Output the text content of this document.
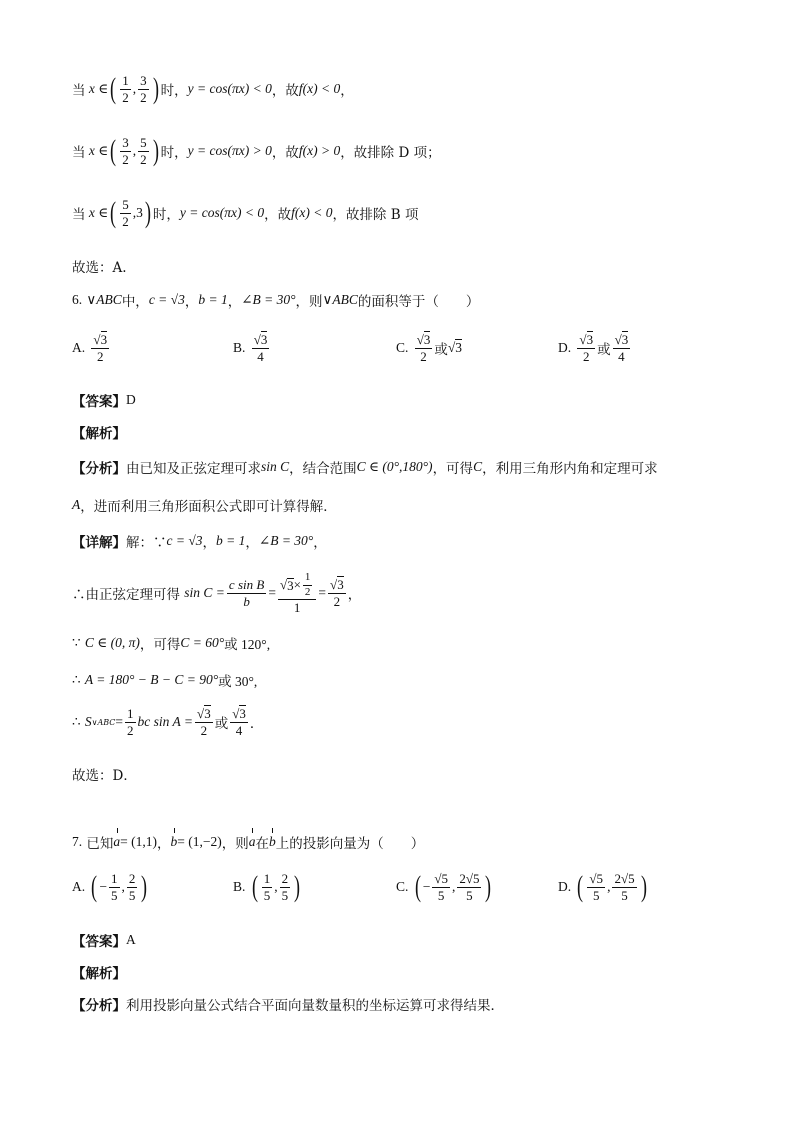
当 x ∈ ( $\frac{1}{2}$ , $\frac{3}{2}$ ) 时， y = cos(πx) < 0 ，故 f(x) < 0 ，
当 x ∈ ( $\frac{3}{2}$ , $\frac{5}{2}$ ) 时， y = cos(πx) > 0 ，故 f(x) > 0 ，故排除 D 项；
当 x ∈ ( $\frac{5}{2}$ , 3 ) 时， y = cos(πx) < 0 ，故 f(x) < 0 ，故排除 B 项
故选：A.
6.
∨ABC 中， c = √3 ， b = 1 ， ∠B = 30° ，则 ∨ABC 的面积等于（　　）
A.
$\frac{√3}{2}$	B.
$\frac{√3}{4}$	C.
$\frac{√3}{2}$ 或 √3	D.
$\frac{√3}{2}$ 或 $\frac{√3}{4}$
【答案】 D
【解析】
【分析】 由已知及正弦定理可求 sin C ，结合范围 C ∈ (0°,180°) ，可得 C ，利用三角形内角和定理可求
A ，进而利用三角形面积公式即可计算得解．
【详解】 解：∵ c = √3 ， b = 1 ， ∠B = 30° ，
∴由正弦定理可得
$\sin C = \frac{\text{c sin B}}{b} = \frac{√ 3 \times \frac{1}{2}}{1} = \frac{√3}{2}$ ，
∵
C ∈ (0, π) ，可得 C = 60° 或 120°,
∴
A = 180° − B − C = 90° 或 30°,
∴
S ∨ABC = $\frac{1}{2}$ bc $\sin A = \frac{√3}{2}$ 或 $\frac{√3}{4}$ ．
故选：D．
7.
已知 a = (1,1) ， b = (1,−2) ，则 a 在 b 上的投影向量为（　　）
A.
( − $\frac{1}{5}$ , $\frac{2}{5}$ )	B.
( $\frac{1}{5}$ , $\frac{2}{5}$ )	C.
( − $\frac{√5}{5}$ , $\frac{2√5}{5}$ )	D.
( $\frac{√5}{5}$ , $\frac{2√5}{5}$ )
【答案】 A
【解析】
【分析】 利用投影向量公式结合平面向量数量积的坐标运算可求得结果．
